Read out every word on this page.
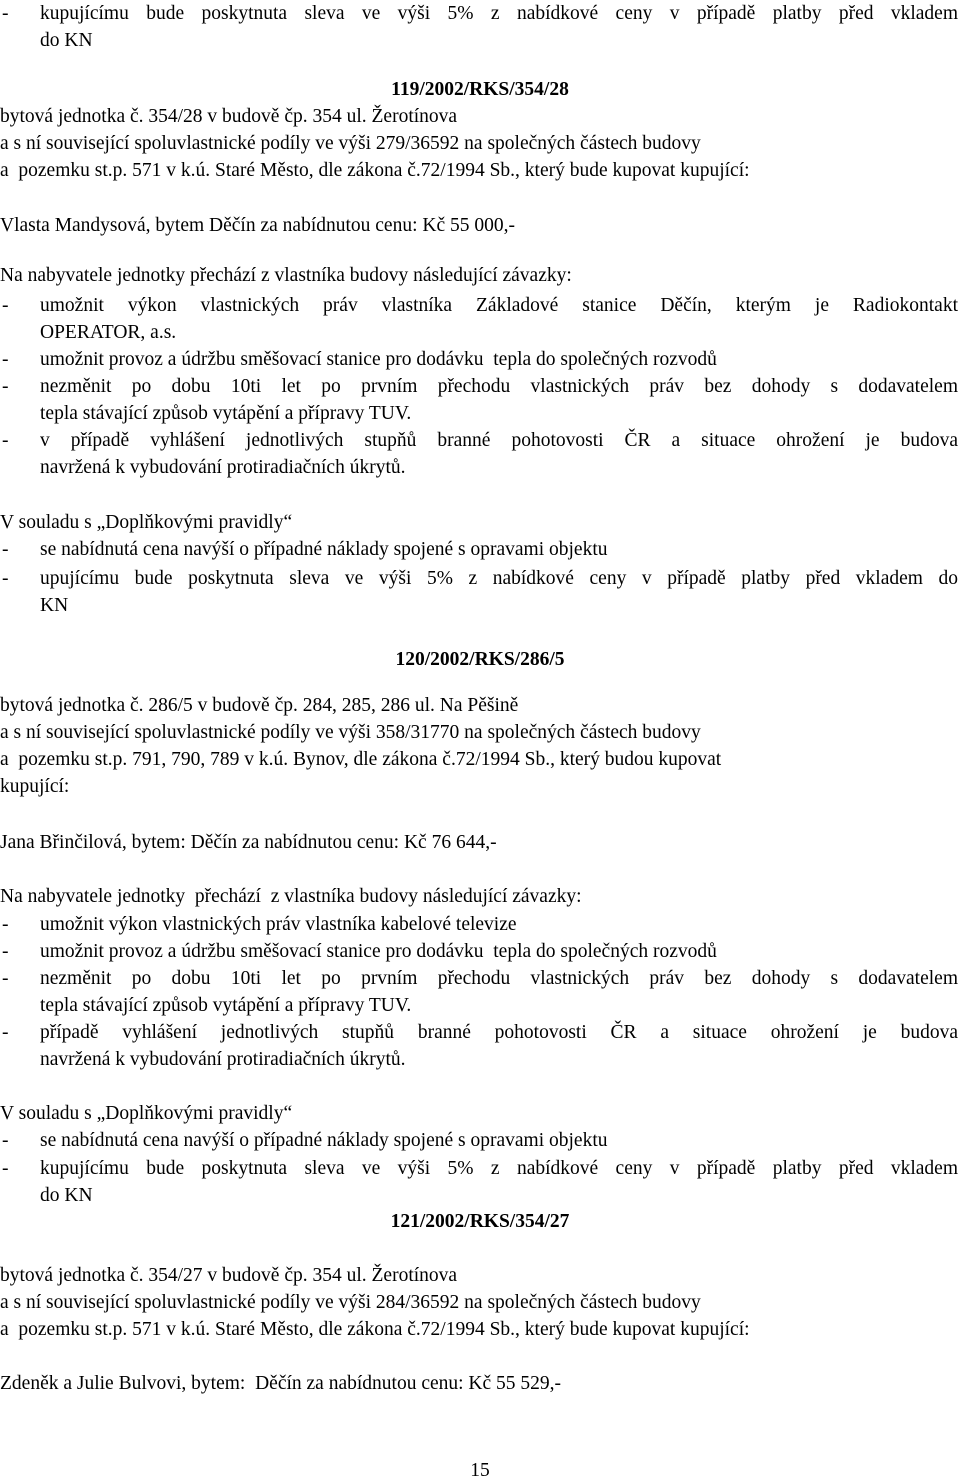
- kupujícímu bude poskytnuta sleva ve výši 5% z nabídkové ceny v případě platby před vkladem
do KN
119/2002/RKS/354/28
bytová jednotka č. 354/28 v budově čp. 354 ul. Žerotínova
a s ní související spoluvlastnické podíly ve výši 279/36592 na společných částech budovy
a  pozemku st.p. 571 v k.ú. Staré Město, dle zákona č.72/1994 Sb., který bude kupovat kupující:
Vlasta Mandysová, bytem Děčín za nabídnutou cenu: Kč 55 000,-
Na nabyvatele jednotky přechází z vlastníka budovy následující závazky:
- umožnit výkon vlastnických práv vlastníka Základové stanice Děčín, kterým je Radiokontakt
OPERATOR, a.s.
- umožnit provoz a údržbu směšovací stanice pro dodávku  tepla do společných rozvodů
- nezměnit po dobu 10ti let po prvním přechodu vlastnických práv bez dohody s dodavatelem
tepla stávající způsob vytápění a přípravy TUV.
- v případě vyhlášení jednotlivých stupňů branné pohotovosti ČR a situace ohrožení je budova
navržená k vybudování protiradiačních úkrytů.
V souladu s „Doplňkovými pravidly“
- se nabídnutá cena navýší o případné náklady spojené s opravami objektu
- upujícímu bude poskytnuta sleva ve výši 5% z nabídkové ceny v případě platby před vkladem do
KN
120/2002/RKS/286/5
bytová jednotka č. 286/5 v budově čp. 284, 285, 286 ul. Na Pěšině
a s ní související spoluvlastnické podíly ve výši 358/31770 na společných částech budovy
a  pozemku st.p. 791, 790, 789 v k.ú. Bynov, dle zákona č.72/1994 Sb., který budou kupovat
kupující:
Jana Břinčilová, bytem: Děčín za nabídnutou cenu: Kč 76 644,-
Na nabyvatele jednotky  přechází  z vlastníka budovy následující závazky:
- umožnit výkon vlastnických práv vlastníka kabelové televize
- umožnit provoz a údržbu směšovací stanice pro dodávku  tepla do společných rozvodů
- nezměnit po dobu 10ti let po prvním přechodu vlastnických práv bez dohody s dodavatelem
tepla stávající způsob vytápění a přípravy TUV.
- případě vyhlášení jednotlivých stupňů branné pohotovosti ČR a situace ohrožení je budova
navržená k vybudování protiradiačních úkrytů.
V souladu s „Doplňkovými pravidly“
- se nabídnutá cena navýší o případné náklady spojené s opravami objektu
- kupujícímu bude poskytnuta sleva ve výši 5% z nabídkové ceny v případě platby před vkladem
do KN
121/2002/RKS/354/27
bytová jednotka č. 354/27 v budově čp. 354 ul. Žerotínova
a s ní související spoluvlastnické podíly ve výši 284/36592 na společných částech budovy
a  pozemku st.p. 571 v k.ú. Staré Město, dle zákona č.72/1994 Sb., který bude kupovat kupující:
Zdeněk a Julie Bulvovi, bytem:  Děčín za nabídnutou cenu: Kč 55 529,-
15
